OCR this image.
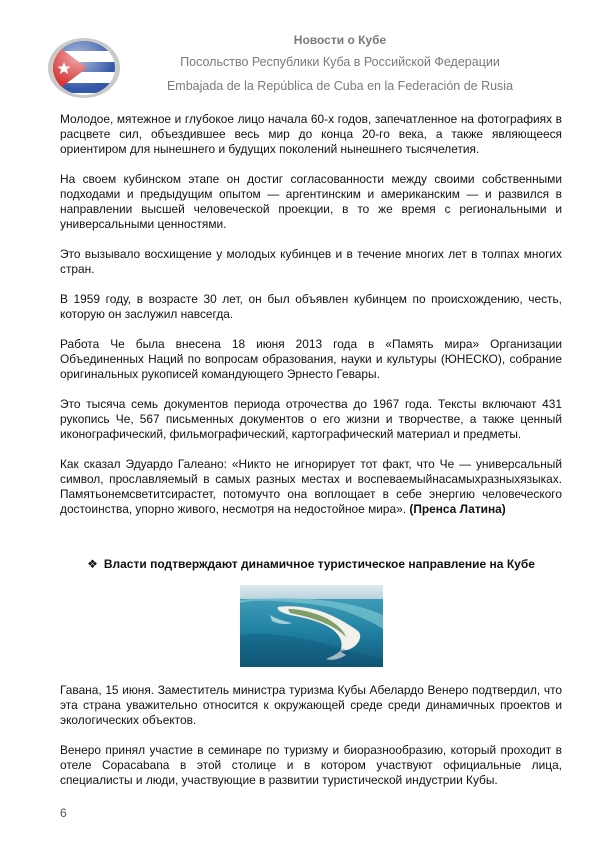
Новости о Кубе
Посольство Республики Куба в Российской Федерации
Embajada de la República de Cuba en la Federación de Rusia

Молодое, мятежное и глубокое лицо начала 60-х годов, запечатленное на фотографиях в расцвете сил, объездившее весь мир до конца 20-го века, а также являющееся ориентиром для нынешнего и будущих поколений нынешнего тысячелетия.

На своем кубинском этапе он достиг согласованности между своими собственными подходами и предыдущим опытом — аргентинским и американским — и развился в направлении высшей человеческой проекции, в то же время с региональными и универсальными ценностями.

Это вызывало восхищение у молодых кубинцев и в течение многих лет в толпах многих стран.

В 1959 году, в возрасте 30 лет, он был объявлен кубинцем по происхождению, честь, которую он заслужил навсегда.

Работа Че была внесена 18 июня 2013 года в «Память мира» Организации Объединенных Наций по вопросам образования, науки и культуры (ЮНЕСКО), собрание оригинальных рукописей командующего Эрнесто Гевары.

Это тысяча семь документов периода отрочества до 1967 года. Тексты включают 431 рукопись Че, 567 письменных документов о его жизни и творчестве, а также ценный иконографический, фильмографический, картографический материал и предметы.

Как сказал Эдуардо Галеано: «Никто не игнорирует тот факт, что Че — универсальный символ, прославляемый в самых разных местах и воспеваемыйнасамыхразныхязыках. Памятьонемсветитсирастет, потомучто она воплощает в себе энергию человеческого достоинства, упорно живого, несмотря на недостойное мира». (Пренса Латина)

❖ Власти подтверждают динамичное туристическое направление на Кубе

Гавана, 15 июня. Заместитель министра туризма Кубы Абелардо Венеро подтвердил, что эта страна уважительно относится к окружающей среде среди динамичных проектов и экологических объектов.

Венеро принял участие в семинаре по туризму и биоразнообразию, который проходит в отеле Copacabana в этой столице и в котором участвуют официальные лица, специалисты и люди, участвующие в развитии туристической индустрии Кубы.

6
